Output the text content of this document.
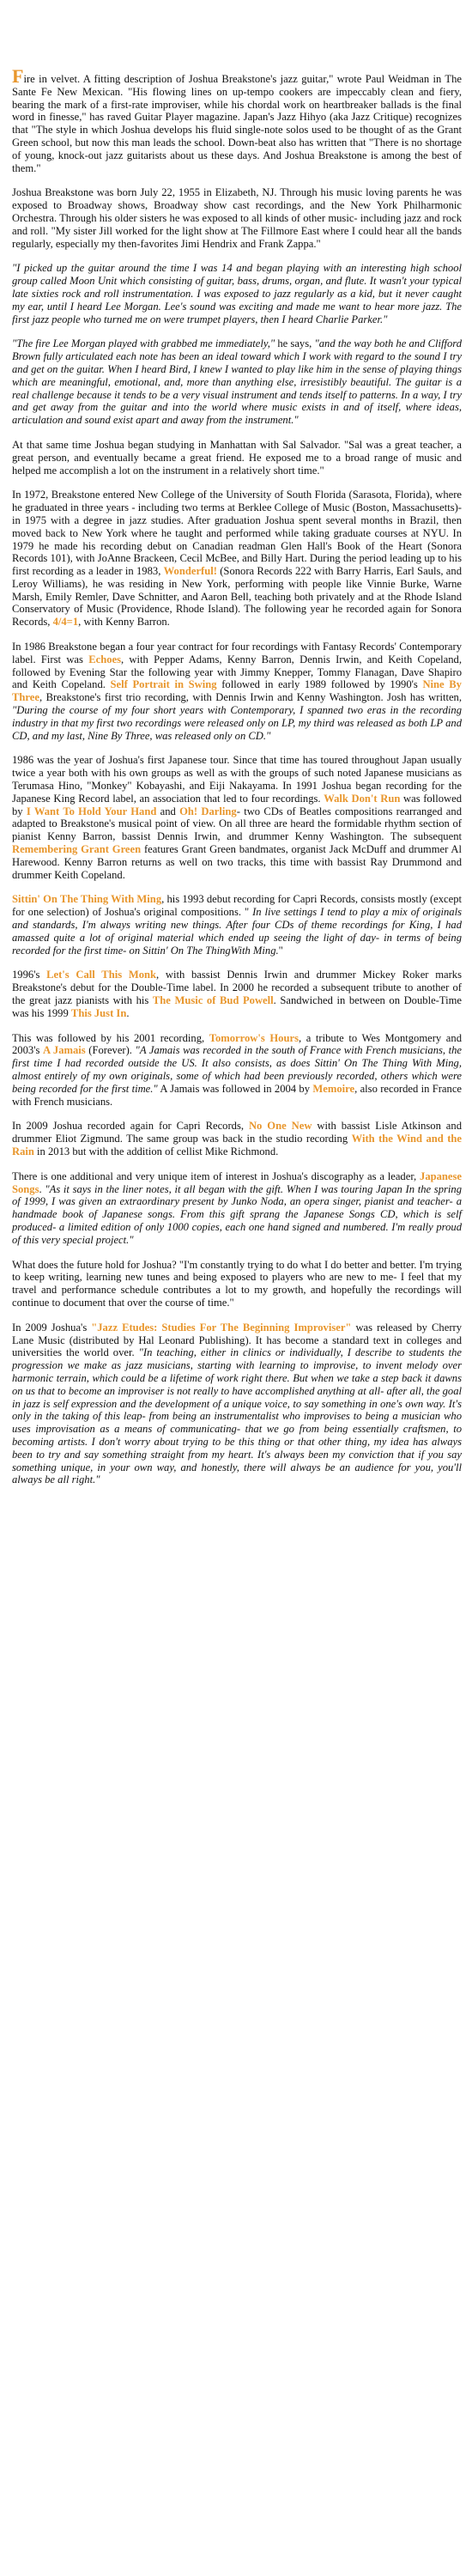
Fire in velvet. A fitting description of Joshua Breakstone's jazz guitar," wrote Paul Weidman in The Sante Fe New Mexican. "His flowing lines on up-tempo cookers are impeccably clean and fiery, bearing the mark of a first-rate improviser, while his chordal work on heartbreaker ballads is the final word in finesse," has raved Guitar Player magazine. Japan's Jazz Hihyo (aka Jazz Critique) recognizes that "The style in which Joshua develops his fluid single-note solos used to be thought of as the Grant Green school, but now this man leads the school. Down-beat also has written that "There is no shortage of young, knock-out jazz guitarists about us these days. And Joshua Breakstone is among the best of them."

Joshua Breakstone was born July 22, 1955 in Elizabeth, NJ. Through his music loving parents he was exposed to Broadway shows, Broadway show cast recordings, and the New York Philharmonic Orchestra. Through his older sisters he was exposed to all kinds of other music- including jazz and rock and roll. "My sister Jill worked for the light show at The Fillmore East where I could hear all the bands regularly, especially my then-favorites Jimi Hendrix and Frank Zappa."

"I picked up the guitar around the time I was 14 and began playing with an interesting high school group called Moon Unit which consisting of guitar, bass, drums, organ, and flute. It wasn't your typical late sixties rock and roll instrumentation. I was exposed to jazz regularly as a kid, but it never caught my ear, until I heard Lee Morgan. Lee's sound was exciting and made me want to hear more jazz. The first jazz people who turned me on were trumpet players, then I heard Charlie Parker."

"The fire Lee Morgan played with grabbed me immediately," he says, "and the way both he and Clifford Brown fully articulated each note has been an ideal toward which I work with regard to the sound I try and get on the guitar. When I heard Bird, I knew I wanted to play like him in the sense of playing things which are meaningful, emotional, and, more than anything else, irresistibly beautiful. The guitar is a real challenge because it tends to be a very visual instrument and tends itself to patterns. In a way, I try and get away from the guitar and into the world where music exists in and of itself, where ideas, articulation and sound exist apart and away from the instrument."

At that same time Joshua began studying in Manhattan with Sal Salvador. "Sal was a great teacher, a great person, and eventually became a great friend. He exposed me to a broad range of music and helped me accomplish a lot on the instrument in a relatively short time."

In 1972, Breakstone entered New College of the University of South Florida (Sarasota, Florida), where he graduated in three years - including two terms at Berklee College of Music (Boston, Massachusetts)- in 1975 with a degree in jazz studies. After graduation Joshua spent several months in Brazil, then moved back to New York where he taught and performed while taking graduate courses at NYU. In 1979 he made his recording debut on Canadian readman Glen Hall's Book of the Heart (Sonora Records 101), with JoAnne Brackeen, Cecil McBee, and Billy Hart. During the period leading up to his first recording as a leader in 1983, Wonderful! (Sonora Records 222 with Barry Harris, Earl Sauls, and Leroy Williams), he was residing in New York, performing with people like Vinnie Burke, Warne Marsh, Emily Remler, Dave Schnitter, and Aaron Bell, teaching both privately and at the Rhode Island Conservatory of Music (Providence, Rhode Island). The following year he recorded again for Sonora Records, 4/4=1, with Kenny Barron.

In 1986 Breakstone began a four year contract for four recordings with Fantasy Records' Contemporary label. First was Echoes, with Pepper Adams, Kenny Barron, Dennis Irwin, and Keith Copeland, followed by Evening Star the following year with Jimmy Knepper, Tommy Flanagan, Dave Shapiro and Keith Copeland. Self Portrait in Swing followed in early 1989 followed by 1990's Nine By Three, Breakstone's first trio recording, with Dennis Irwin and Kenny Washington. Josh has written, "During the course of my four short years with Contemporary, I spanned two eras in the recording industry in that my first two recordings were released only on LP, my third was released as both LP and CD, and my last, Nine By Three, was released only on CD."

1986 was the year of Joshua's first Japanese tour. Since that time has toured throughout Japan usually twice a year both with his own groups as well as with the groups of such noted Japanese musicians as Terumasa Hino, "Monkey" Kobayashi, and Eiji Nakayama. In 1991 Joshua began recording for the Japanese King Record label, an association that led to four recordings. Walk Don't Run was followed by I Want To Hold Your Hand and Oh! Darling- two CDs of Beatles compositions rearranged and adapted to Breakstone's musical point of view. On all three are heard the formidable rhythm section of pianist Kenny Barron, bassist Dennis Irwin, and drummer Kenny Washington. The subsequent Remembering Grant Green features Grant Green bandmates, organist Jack McDuff and drummer Al Harewood. Kenny Barron returns as well on two tracks, this time with bassist Ray Drummond and drummer Keith Copeland.

Sittin' On The Thing With Ming, his 1993 debut recording for Capri Records, consists mostly (except for one selection) of Joshua's original compositions. " In live settings I tend to play a mix of originals and standards, I'm always writing new things. After four CDs of theme recordings for King, I had amassed quite a lot of original material which ended up seeing the light of day- in terms of being recorded for the first time- on Sittin' On The ThingWith Ming."

1996's Let's Call This Monk, with bassist Dennis Irwin and drummer Mickey Roker marks Breakstone's debut for the Double-Time label. In 2000 he recorded a subsequent tribute to another of the great jazz pianists with his The Music of Bud Powell. Sandwiched in between on Double-Time was his 1999 This Just In.

This was followed by his 2001 recording, Tomorrow's Hours, a tribute to Wes Montgomery and 2003's A Jamais (Forever). "A Jamais was recorded in the south of France with French musicians, the first time I had recorded outside the US. It also consists, as does Sittin' On The Thing With Ming, almost entirely of my own originals, some of which had been previously recorded, others which were being recorded for the first time." A Jamais was followed in 2004 by Memoire, also recorded in France with French musicians.

In 2009 Joshua recorded again for Capri Records, No One New with bassist Lisle Atkinson and drummer Eliot Zigmund. The same group was back in the studio recording With the Wind and the Rain in 2013 but with the addition of cellist Mike Richmond.

There is one additional and very unique item of interest in Joshua's discography as a leader, Japanese Songs. "As it says in the liner notes, it all began with the gift. When I was touring Japan In the spring of 1999, I was given an extraordinary present by Junko Noda, an opera singer, pianist and teacher- a handmade book of Japanese songs. From this gift sprang the Japanese Songs CD, which is self produced- a limited edition of only 1000 copies, each one hand signed and numbered. I'm really proud of this very special project."

What does the future hold for Joshua? "I'm constantly trying to do what I do better and better. I'm trying to keep writing, learning new tunes and being exposed to players who are new to me- I feel that my travel and performance schedule contributes a lot to my growth, and hopefully the recordings will continue to document that over the course of time."

In 2009 Joshua's "Jazz Etudes: Studies For The Beginning Improviser" was released by Cherry Lane Music (distributed by Hal Leonard Publishing). It has become a standard text in colleges and universities the world over. "In teaching, either in clinics or individually, I describe to students the progression we make as jazz musicians, starting with learning to improvise, to invent melody over harmonic terrain, which could be a lifetime of work right there. But when we take a step back it dawns on us that to become an improviser is not really to have accomplished anything at all- after all, the goal in jazz is self expression and the development of a unique voice, to say something in one's own way. It's only in the taking of this leap- from being an instrumentalist who improvises to being a musician who uses improvisation as a means of communicating- that we go from being essentially craftsmen, to becoming artists. I don't worry about trying to be this thing or that other thing, my idea has always been to try and say something straight from my heart. It's always been my conviction that if you say something unique, in your own way, and honestly, there will always be an audience for you, you'll always be all right."
